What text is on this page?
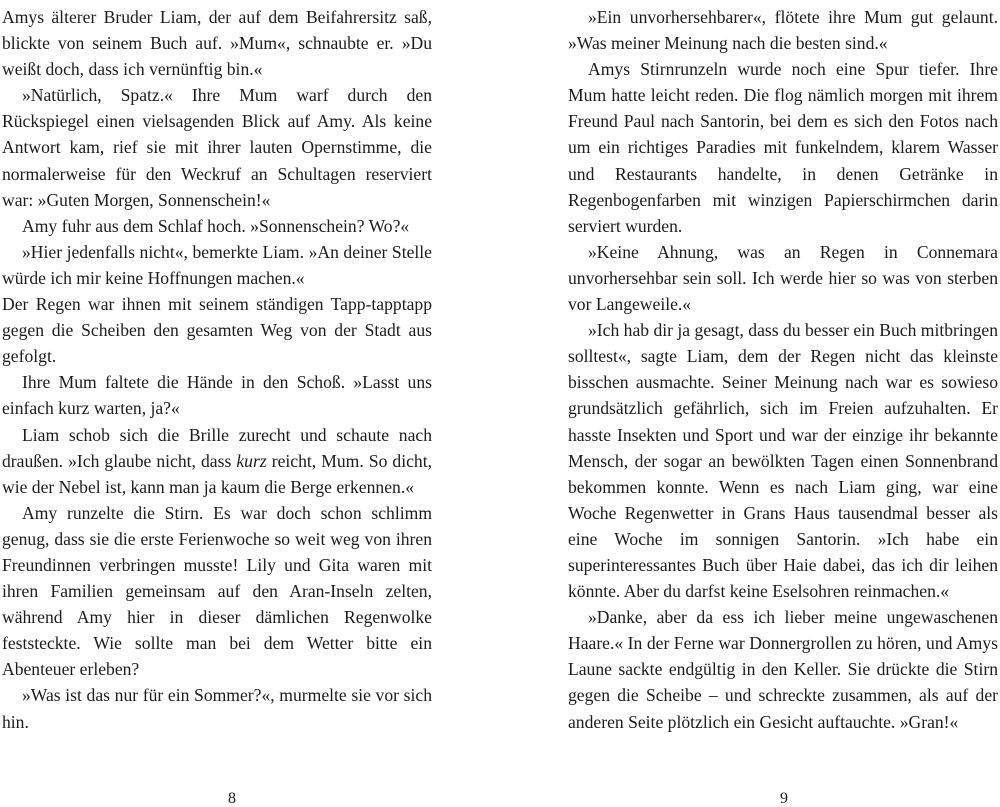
Amys älterer Bruder Liam, der auf dem Beifahrersitz saß, blickte von seinem Buch auf. »Mum«, schnaubte er. »Du weißt doch, dass ich vernünftig bin.«

»Natürlich, Spatz.« Ihre Mum warf durch den Rückspiegel einen vielsagenden Blick auf Amy. Als keine Antwort kam, rief sie mit ihrer lauten Opernstimme, die normalerweise für den Weckruf an Schultagen reserviert war: »Guten Morgen, Sonnenschein!«

Amy fuhr aus dem Schlaf hoch. »Sonnenschein? Wo?«

»Hier jedenfalls nicht«, bemerkte Liam. »An deiner Stelle würde ich mir keine Hoffnungen machen.«

Der Regen war ihnen mit seinem ständigen Tapp-tapptapp gegen die Scheiben den gesamten Weg von der Stadt aus gefolgt.

Ihre Mum faltete die Hände in den Schoß. »Lasst uns einfach kurz warten, ja?«

Liam schob sich die Brille zurecht und schaute nach draußen. »Ich glaube nicht, dass kurz reicht, Mum. So dicht, wie der Nebel ist, kann man ja kaum die Berge erkennen.«

Amy runzelte die Stirn. Es war doch schon schlimm genug, dass sie die erste Ferienwoche so weit weg von ihren Freundinnen verbringen musste! Lily und Gita waren mit ihren Familien gemeinsam auf den Aran-Inseln zelten, während Amy hier in dieser dämlichen Regenwolke feststeckte. Wie sollte man bei dem Wetter bitte ein Abenteuer erleben?

»Was ist das nur für ein Sommer?«, murmelte sie vor sich hin.

8

»Ein unvorhersehbarer«, flötete ihre Mum gut gelaunt. »Was meiner Meinung nach die besten sind.«

Amys Stirnrunzeln wurde noch eine Spur tiefer. Ihre Mum hatte leicht reden. Die flog nämlich morgen mit ihrem Freund Paul nach Santorin, bei dem es sich den Fotos nach um ein richtiges Paradies mit funkelndem, klarem Wasser und Restaurants handelte, in denen Getränke in Regenbogenfarben mit winzigen Papierschirmchen darin serviert wurden.

»Keine Ahnung, was an Regen in Connemara unvorhersehbar sein soll. Ich werde hier so was von sterben vor Langeweile.«

»Ich hab dir ja gesagt, dass du besser ein Buch mitbringen solltest«, sagte Liam, dem der Regen nicht das kleinste bisschen ausmachte. Seiner Meinung nach war es sowieso grundsätzlich gefährlich, sich im Freien aufzuhalten. Er hasste Insekten und Sport und war der einzige ihr bekannte Mensch, der sogar an bewölkten Tagen einen Sonnenbrand bekommen konnte. Wenn es nach Liam ging, war eine Woche Regenwetter in Grans Haus tausendmal besser als eine Woche im sonnigen Santorin. »Ich habe ein superinteressantes Buch über Haie dabei, das ich dir leihen könnte. Aber du darfst keine Eselsohren reinmachen.«

»Danke, aber da ess ich lieber meine ungewaschenen Haare.« In der Ferne war Donnergrollen zu hören, und Amys Laune sackte endgültig in den Keller. Sie drückte die Stirn gegen die Scheibe – und schreckte zusammen, als auf der anderen Seite plötzlich ein Gesicht auftauchte. »Gran!«

9
